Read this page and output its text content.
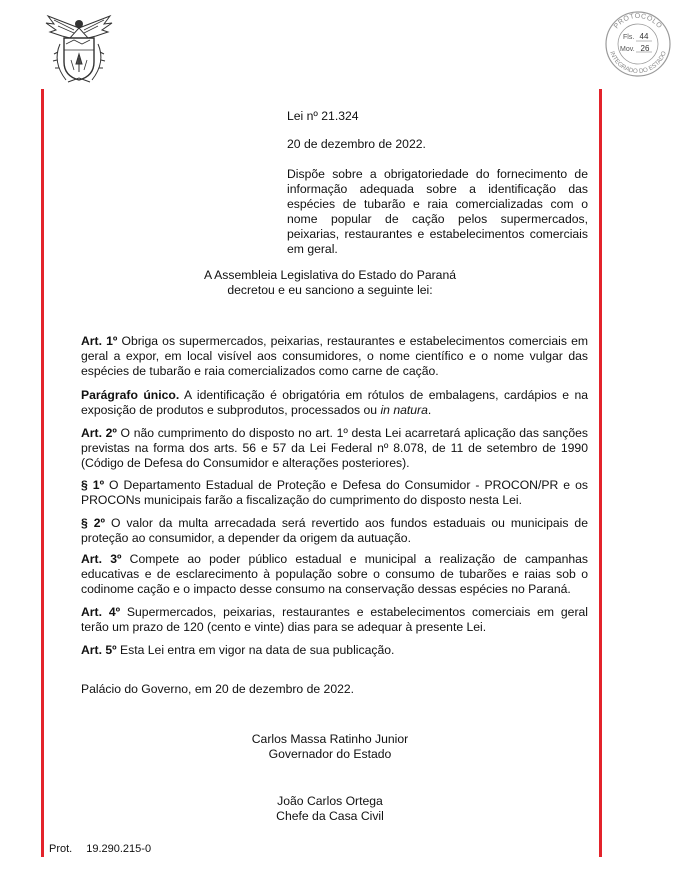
PROTOCOLO
INTEGRADO DO ESTADO
Fls. 44
Mov. 26
Lei nº 21.324
20 de dezembro de 2022.
Dispõe sobre a obrigatoriedade do fornecimento de informação adequada sobre a identificação das espécies de tubarão e raia comercializadas com o nome popular de cação pelos supermercados, peixarias, restaurantes e estabelecimentos comerciais em geral.
A Assembleia Legislativa do Estado do Paraná
decretou e eu sanciono a seguinte lei:

Art. 1º Obriga os supermercados, peixarias, restaurantes e estabelecimentos comerciais em geral a expor, em local visível aos consumidores, o nome científico e o nome vulgar das espécies de tubarão e raia comercializados como carne de cação.

Parágrafo único. A identificação é obrigatória em rótulos de embalagens, cardápios e na exposição de produtos e subprodutos, processados ou in natura.

Art. 2º O não cumprimento do disposto no art. 1º desta Lei acarretará aplicação das sanções previstas na forma dos arts. 56 e 57 da Lei Federal nº 8.078, de 11 de setembro de 1990 (Código de Defesa do Consumidor e alterações posteriores).

§ 1º O Departamento Estadual de Proteção e Defesa do Consumidor - PROCON/PR e os PROCONs municipais farão a fiscalização do cumprimento do disposto nesta Lei.

§ 2º O valor da multa arrecadada será revertido aos fundos estaduais ou municipais de proteção ao consumidor, a depender da origem da autuação.

Art. 3º Compete ao poder público estadual e municipal a realização de campanhas educativas e de esclarecimento à população sobre o consumo de tubarões e raias sob o codinome cação e o impacto desse consumo na conservação dessas espécies no Paraná.

Art. 4º Supermercados, peixarias, restaurantes e estabelecimentos comerciais em geral terão um prazo de 120 (cento e vinte) dias para se adequar à presente Lei.

Art. 5º Esta Lei entra em vigor na data de sua publicação.

Palácio do Governo, em 20 de dezembro de 2022.
Carlos Massa Ratinho Junior
Governador do Estado
João Carlos Ortega
Chefe da Casa Civil
Prot. 19.290.215-0
